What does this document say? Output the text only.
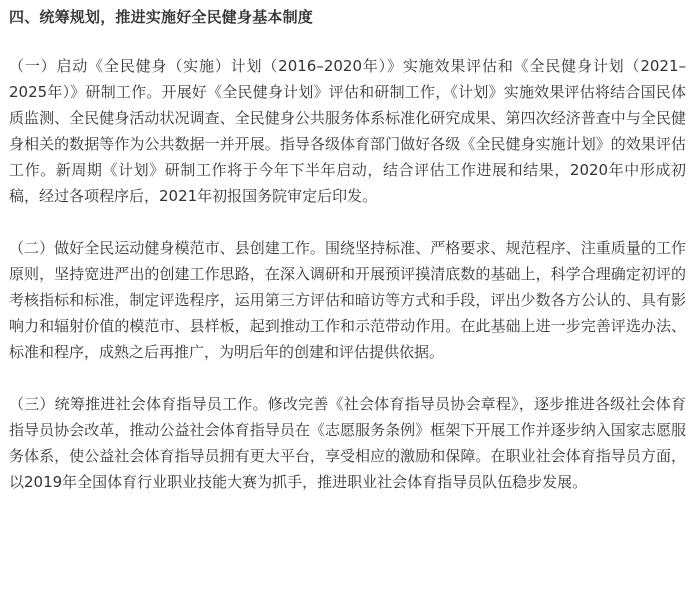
四、统筹规划，推进实施好全民健身基本制度

（一）启动《全民健身（实施）计划（2016–2020年）》实施效果评估和《全民健身计划（2021–2025年）》研制工作。开展好《全民健身计划》评估和研制工作，《计划》实施效果评估将结合国民体质监测、全民健身活动状况调查、全民健身公共服务体系标准化研究成果、第四次经济普查中与全民健身相关的数据等作为公共数据一并开展。指导各级体育部门做好各级《全民健身实施计划》的效果评估工作。新周期《计划》研制工作将于今年下半年启动，结合评估工作进展和结果，2020年中形成初稿，经过各项程序后，2021年初报国务院审定后印发。

（二）做好全民运动健身模范市、县创建工作。围绕坚持标准、严格要求、规范程序、注重质量的工作原则，坚持宽进严出的创建工作思路，在深入调研和开展预评摸清底数的基础上，科学合理确定初评的考核指标和标准，制定评选程序，运用第三方评估和暗访等方式和手段，评出少数各方公认的、具有影响力和辐射价值的模范市、县样板，起到推动工作和示范带动作用。在此基础上进一步完善评选办法、标准和程序，成熟之后再推广，为明后年的创建和评估提供依据。

（三）统筹推进社会体育指导员工作。修改完善《社会体育指导员协会章程》，逐步推进各级社会体育指导员协会改革，推动公益社会体育指导员在《志愿服务条例》框架下开展工作并逐步纳入国家志愿服务体系，使公益社会体育指导员拥有更大平台，享受相应的激励和保障。在职业社会体育指导员方面，以2019年全国体育行业职业技能大赛为抓手，推进职业社会体育指导员队伍稳步发展。
